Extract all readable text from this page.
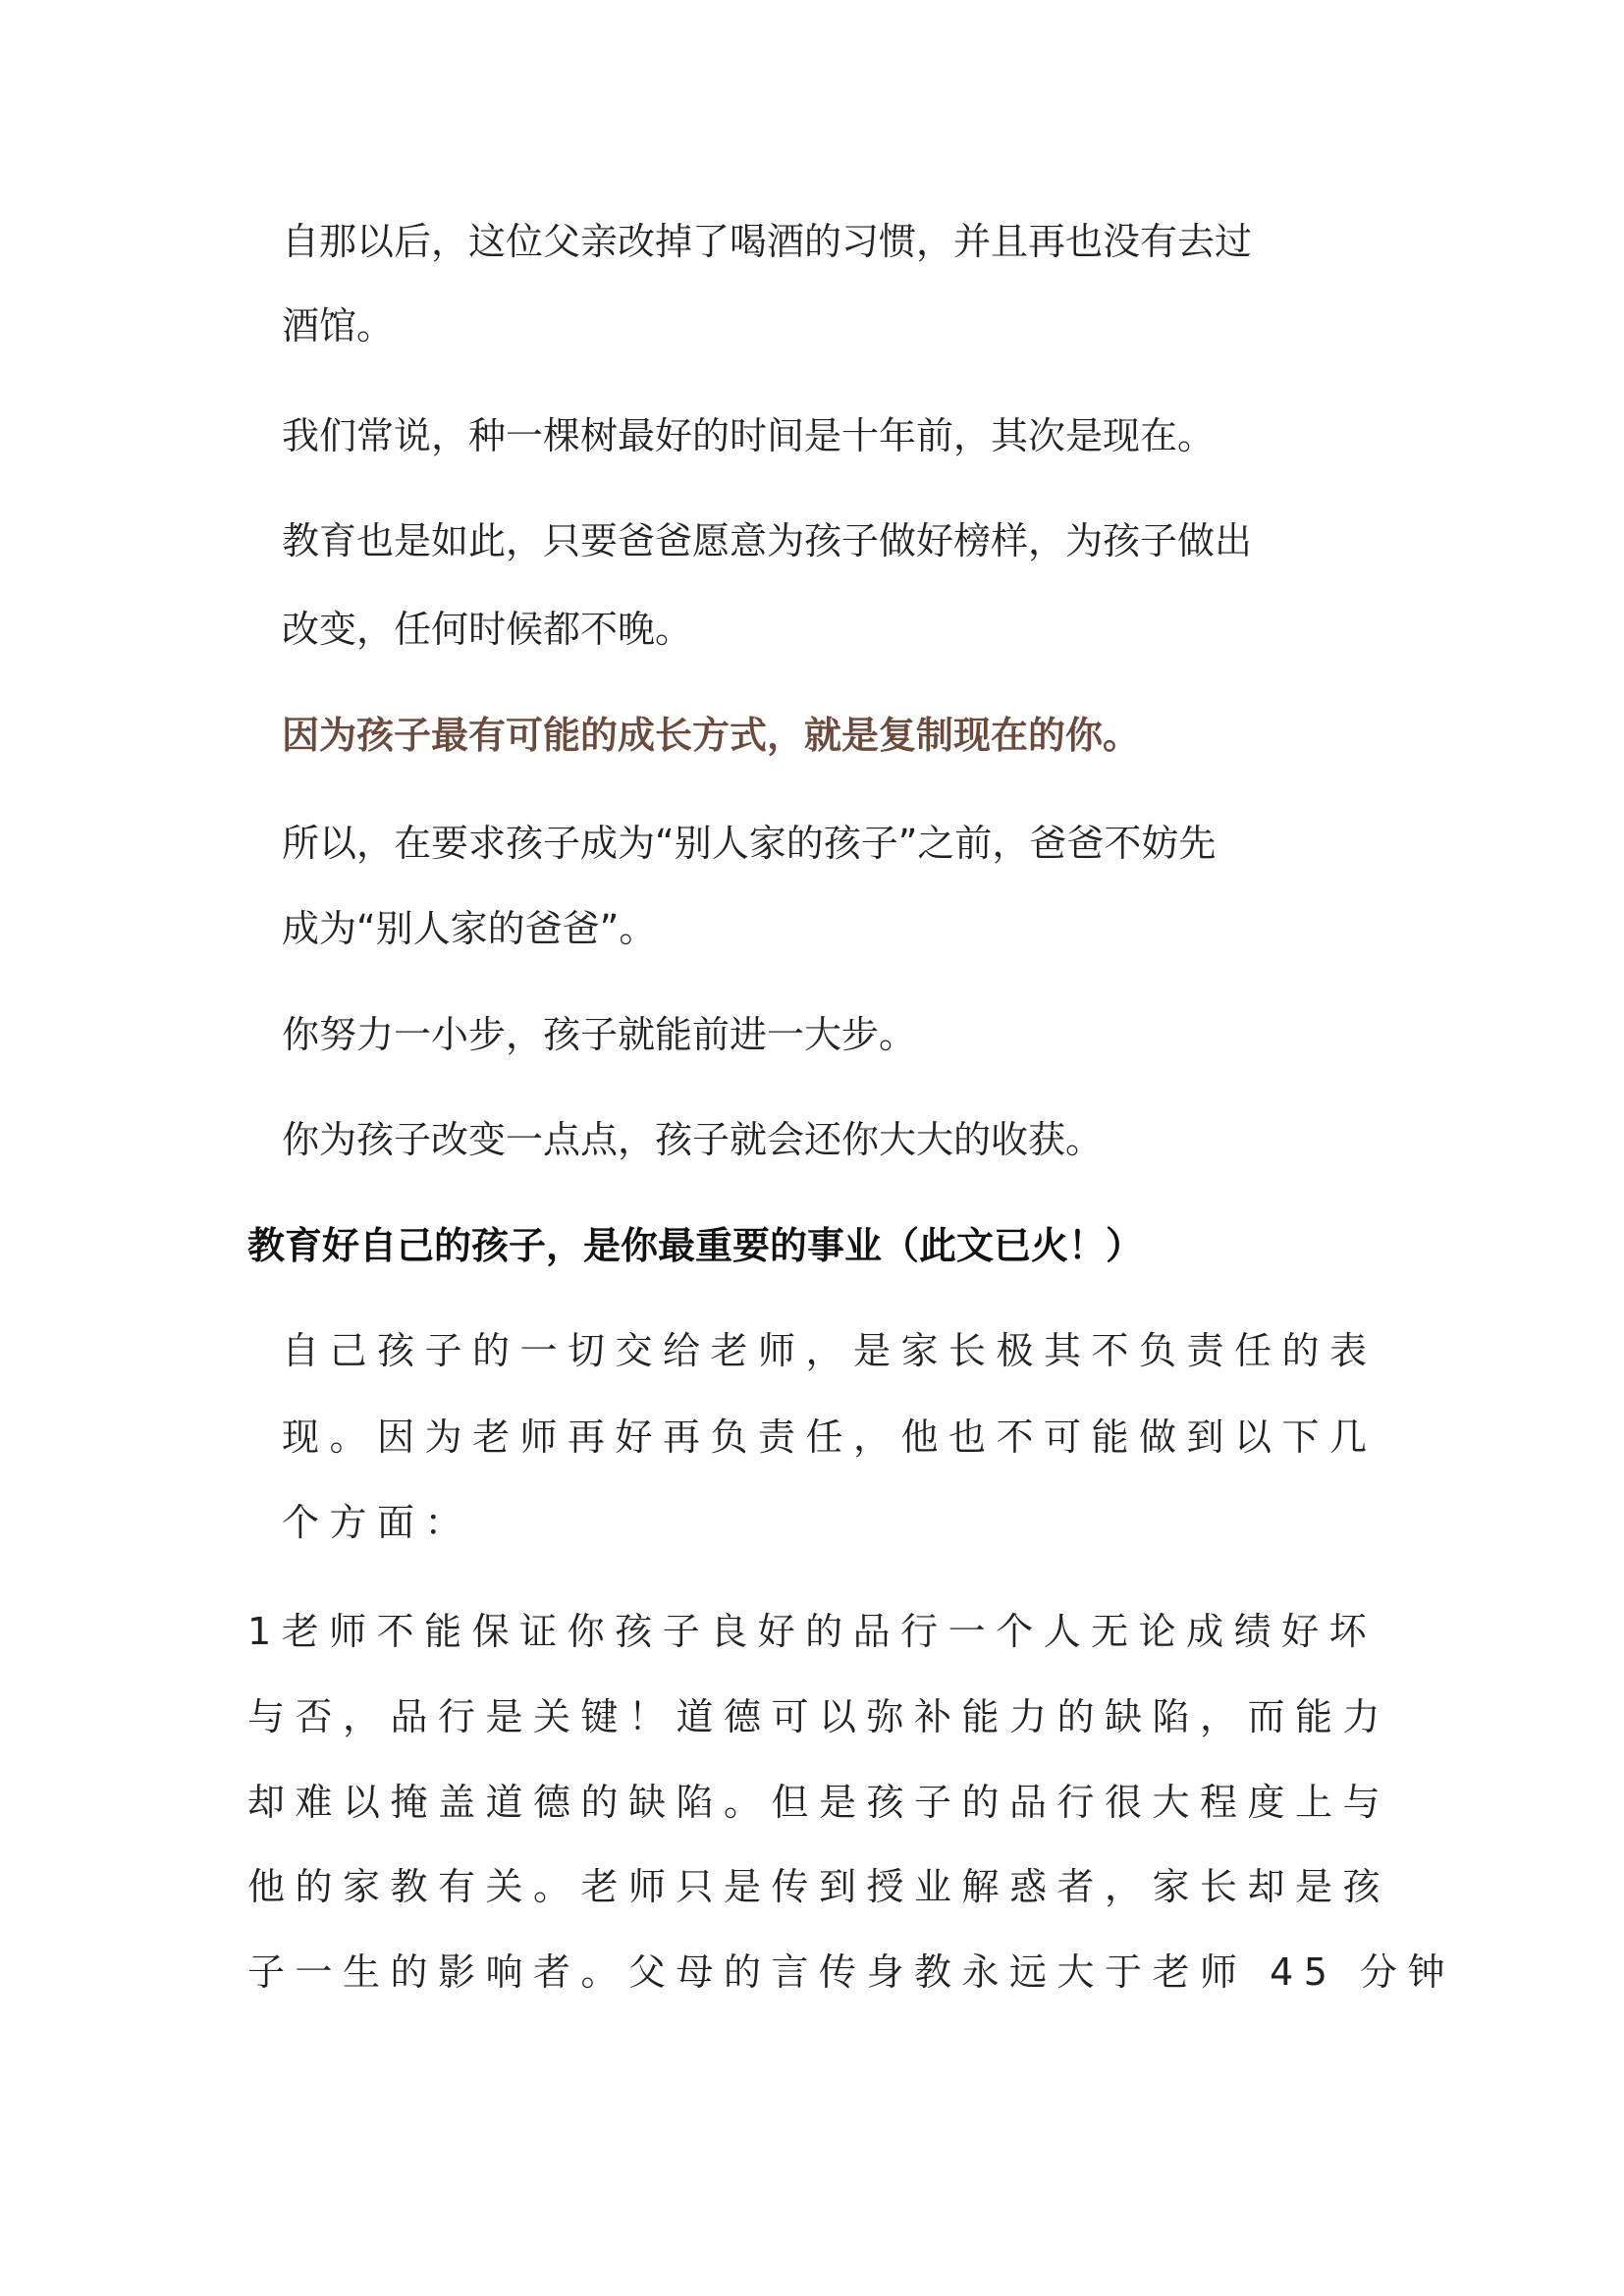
自那以后，这位父亲改掉了喝酒的习惯，并且再也没有去过
酒馆。
我们常说，种一棵树最好的时间是十年前，其次是现在。
教育也是如此，只要爸爸愿意为孩子做好榜样，为孩子做出
改变，任何时候都不晚。
因为孩子最有可能的成长方式，就是复制现在的你。
所以，在要求孩子成为“别人家的孩子”之前，爸爸不妨先
成为“别人家的爸爸”。
你努力一小步，孩子就能前进一大步。
你为孩子改变一点点，孩子就会还你大大的收获。
教育好自己的孩子，是你最重要的事业（此文已火！）
自己孩子的一切交给老师，是家长极其不负责任的表
现。因为老师再好再负责任，他也不可能做到以下几
个方面：
1老师不能保证你孩子良好的品行一个人无论成绩好坏
与否，品行是关键！道德可以弥补能力的缺陷，而能力
却难以掩盖道德的缺陷。但是孩子的品行很大程度上与
他的家教有关。老师只是传到授业解惑者，家长却是孩
子一生的影响者。父母的言传身教永远大于老师 45 分钟
